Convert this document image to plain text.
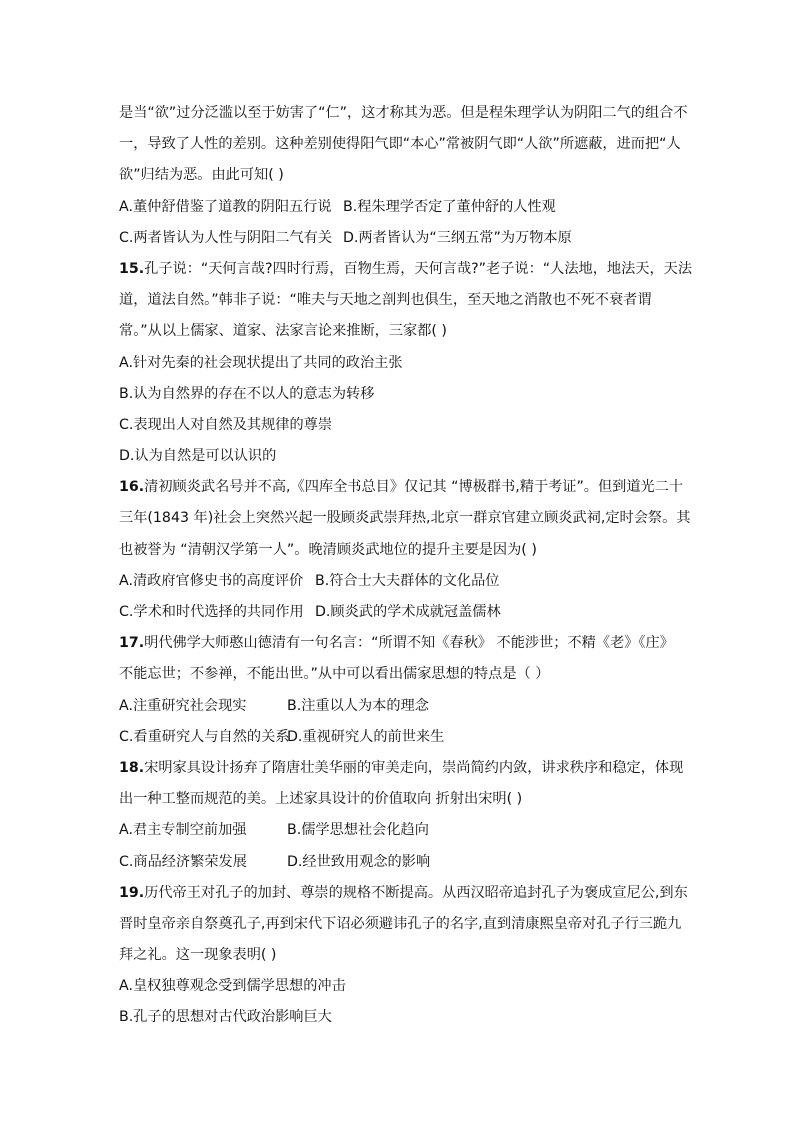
是当“欲”过分泛滥以至于妨害了“仁”，这才称其为恶。但是程朱理学认为阴阳二气的组合不
一，导致了人性的差别。这种差别使得阳气即“本心”常被阴气即“人欲”所遮蔽，进而把“人
欲”归结为恶。由此可知( )
A.董仲舒借鉴了道教的阴阳五行说 B.程朱理学否定了董仲舒的人性观
C.两者皆认为人性与阴阳二气有关 D.两者皆认为“三纲五常”为万物本原
15.孔子说：“天何言哉?四时行焉，百物生焉，天何言哉?”老子说：“人法地，地法天，天法
道，道法自然。”韩非子说：“唯夫与天地之剖判也俱生，至天地之消散也不死不衰者谓
常。”从以上儒家、道家、法家言论来推断，三家都( )
A.针对先秦的社会现状提出了共同的政治主张
B.认为自然界的存在不以人的意志为转移
C.表现出人对自然及其规律的尊崇
D.认为自然是可以认识的
16.清初顾炎武名号并不高,《四库全书总目》仅记其 “博极群书,精于考证”。但到道光二十
三年(1843 年)社会上突然兴起一股顾炎武崇拜热,北京一群京官建立顾炎武祠,定时会祭。其
也被誉为 “清朝汉学第一人”。晚清顾炎武地位的提升主要是因为( )
A.清政府官修史书的高度评价 B.符合士大夫群体的文化品位
C.学术和时代选择的共同作用 D.顾炎武的学术成就冠盖儒林
17.明代佛学大师憨山德清有一句名言：“所谓不知《春秋》 不能涉世；不精《老》《庄》
不能忘世；不参禅，不能出世。”从中可以看出儒家思想的特点是（ ）
A.注重研究社会现实	B.注重以人为本的理念
C.看重研究人与自然的关系
D.重视研究人的前世来生
18.宋明家具设计扬弃了隋唐壮美华丽的审美走向，崇尚简约内敛，讲求秩序和稳定，体现
出一种工整而规范的美。上述家具设计的价值取向 折射出宋明( )
A.君主专制空前加强	B.儒学思想社会化趋向
C.商品经济繁荣发展	D.经世致用观念的影响
19.历代帝王对孔子的加封、尊崇的规格不断提高。从西汉昭帝追封孔子为褒成宣尼公,到东
晋时皇帝亲自祭奠孔子,再到宋代下诏必须避讳孔子的名字,直到清康熙皇帝对孔子行三跪九
拜之礼。这一现象表明( )
A.皇权独尊观念受到儒学思想的冲击
B.孔子的思想对古代政治影响巨大
